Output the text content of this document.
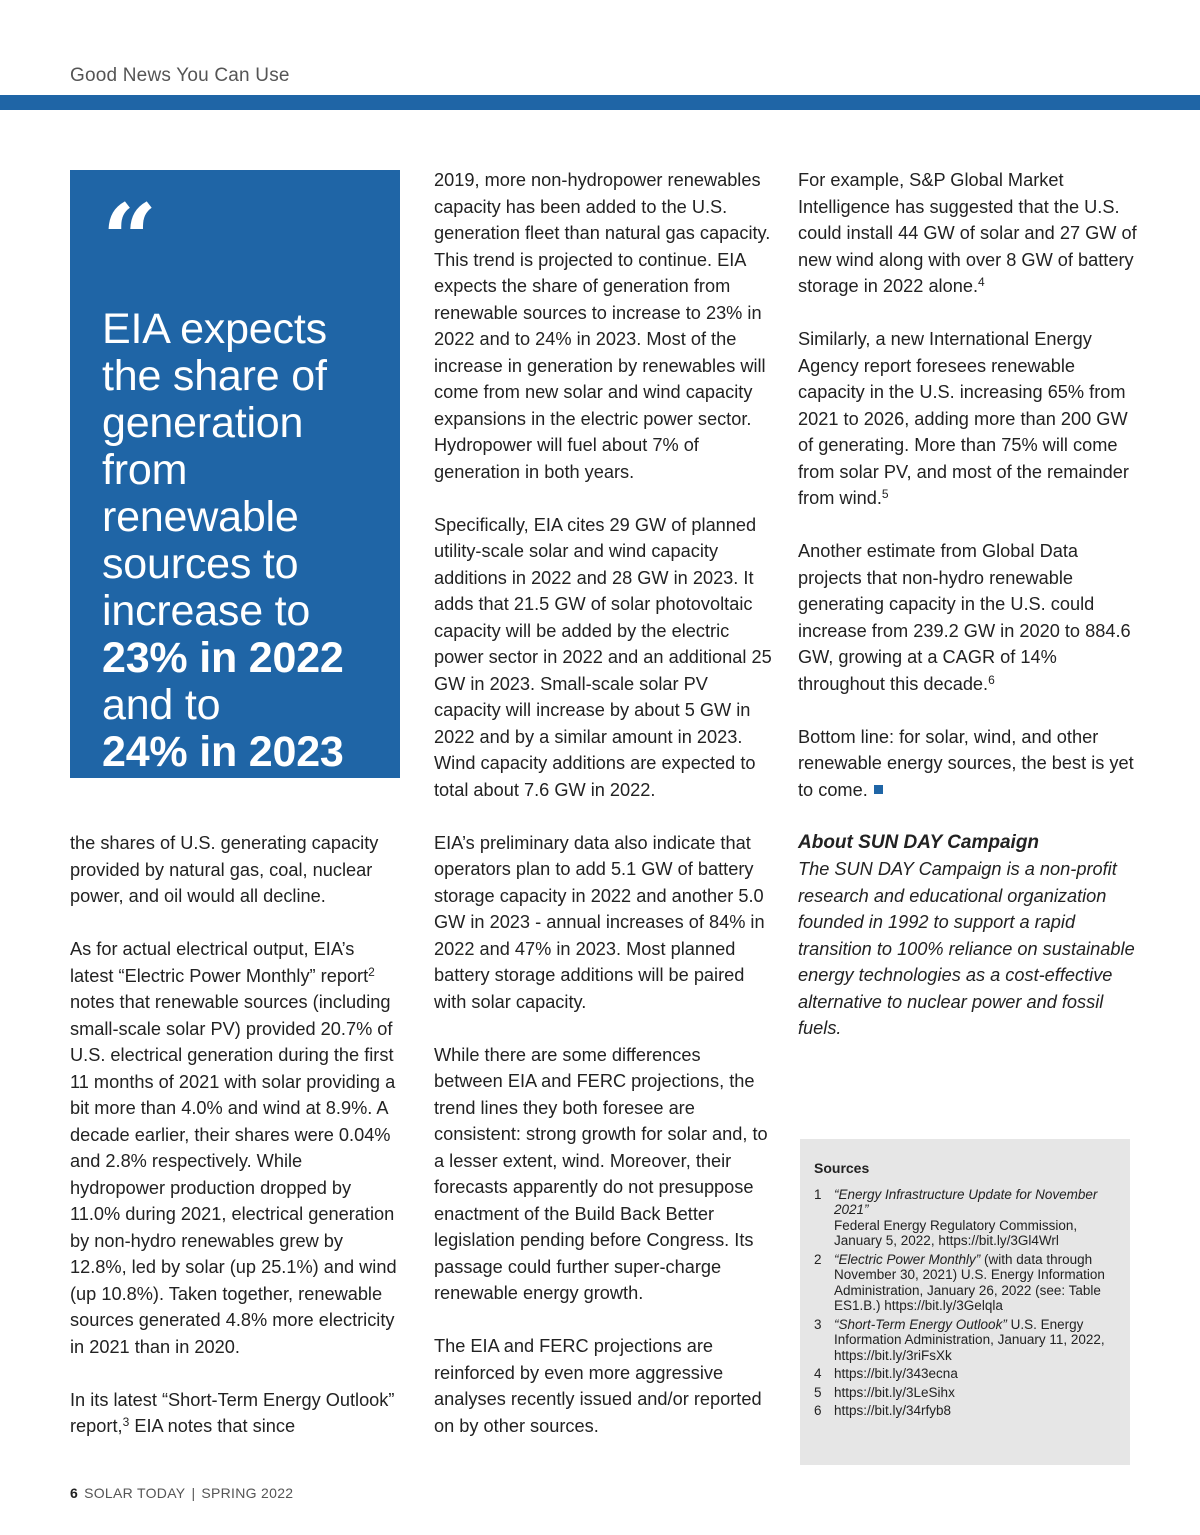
Good News You Can Use
“
EIA expects
the share of
generation
from
renewable
sources to
increase to
23% in 2022
and to
24% in 2023

the shares of U.S. generating capacity provided by natural gas, coal, nuclear power, and oil would all decline.

As for actual electrical output, EIA’s latest “Electric Power Monthly” report$^2$ notes that renewable sources (including small-scale solar PV) provided 20.7% of U.S. electrical generation during the first 11 months of 2021 with solar providing a bit more than 4.0% and wind at 8.9%. A decade earlier, their shares were 0.04% and 2.8% respectively. While hydropower production dropped by 11.0% during 2021, electrical generation by non-hydro renewables grew by 12.8%, led by solar (up 25.1%) and wind (up 10.8%). Taken together, renewable sources generated 4.8% more electricity in 2021 than in 2020.

In its latest “Short-Term Energy Outlook” report,$^3$ EIA notes that since

2019, more non-hydropower renewables capacity has been added to the U.S. generation fleet than natural gas capacity. This trend is projected to continue. EIA expects the share of generation from renewable sources to increase to 23% in 2022 and to 24% in 2023. Most of the increase in generation by renewables will come from new solar and wind capacity expansions in the electric power sector. Hydropower will fuel about 7% of generation in both years.

Specifically, EIA cites 29 GW of planned utility-scale solar and wind capacity additions in 2022 and 28 GW in 2023. It adds that 21.5 GW of solar photovoltaic capacity will be added by the electric power sector in 2022 and an additional 25 GW in 2023. Small-scale solar PV capacity will increase by about 5 GW in 2022 and by a similar amount in 2023. Wind capacity additions are expected to total about 7.6 GW in 2022.

EIA’s preliminary data also indicate that operators plan to add 5.1 GW of battery storage capacity in 2022 and another 5.0 GW in 2023 - annual increases of 84% in 2022 and 47% in 2023. Most planned battery storage additions will be paired with solar capacity.

While there are some differences between EIA and FERC projections, the trend lines they both foresee are consistent: strong growth for solar and, to a lesser extent, wind. Moreover, their forecasts apparently do not presuppose enactment of the Build Back Better legislation pending before Congress. Its passage could further super-charge renewable energy growth.

The EIA and FERC projections are reinforced by even more aggressive analyses recently issued and/or reported on by other sources.

For example, S&P Global Market Intelligence has suggested that the U.S. could install 44 GW of solar and 27 GW of new wind along with over 8 GW of battery storage in 2022 alone.$^4$

Similarly, a new International Energy Agency report foresees renewable capacity in the U.S. increasing 65% from 2021 to 2026, adding more than 200 GW of generating. More than 75% will come from solar PV, and most of the remainder from wind.$^5$

Another estimate from Global Data projects that non-hydro renewable generating capacity in the U.S. could increase from 239.2 GW in 2020 to 884.6 GW, growing at a CAGR of 14% throughout this decade.$^6$

Bottom line: for solar, wind, and other renewable energy sources, the best is yet to come.

About SUN DAY Campaign

The SUN DAY Campaign is a non-profit research and educational organization founded in 1992 to support a rapid transition to 100% reliance on sustainable energy technologies as a cost-effective alternative to nuclear power and fossil fuels.

Sources
1 “Energy Infrastructure Update for November 2021”
Federal Energy Regulatory Commission, January 5, 2022, https://bit.ly/3Gl4Wrl
2 “Electric Power Monthly” (with data through November 30, 2021) U.S. Energy Information Administration, January 26, 2022 (see: Table ES1.B.) https://bit.ly/3Gelqla
3 “Short-Term Energy Outlook” U.S. Energy Information Administration, January 11, 2022, https://bit.ly/3riFsXk
4 https://bit.ly/343ecna
5 https://bit.ly/3LeSihx
6 https://bit.ly/34rfyb8
6 SOLAR TODAY | SPRING 2022
